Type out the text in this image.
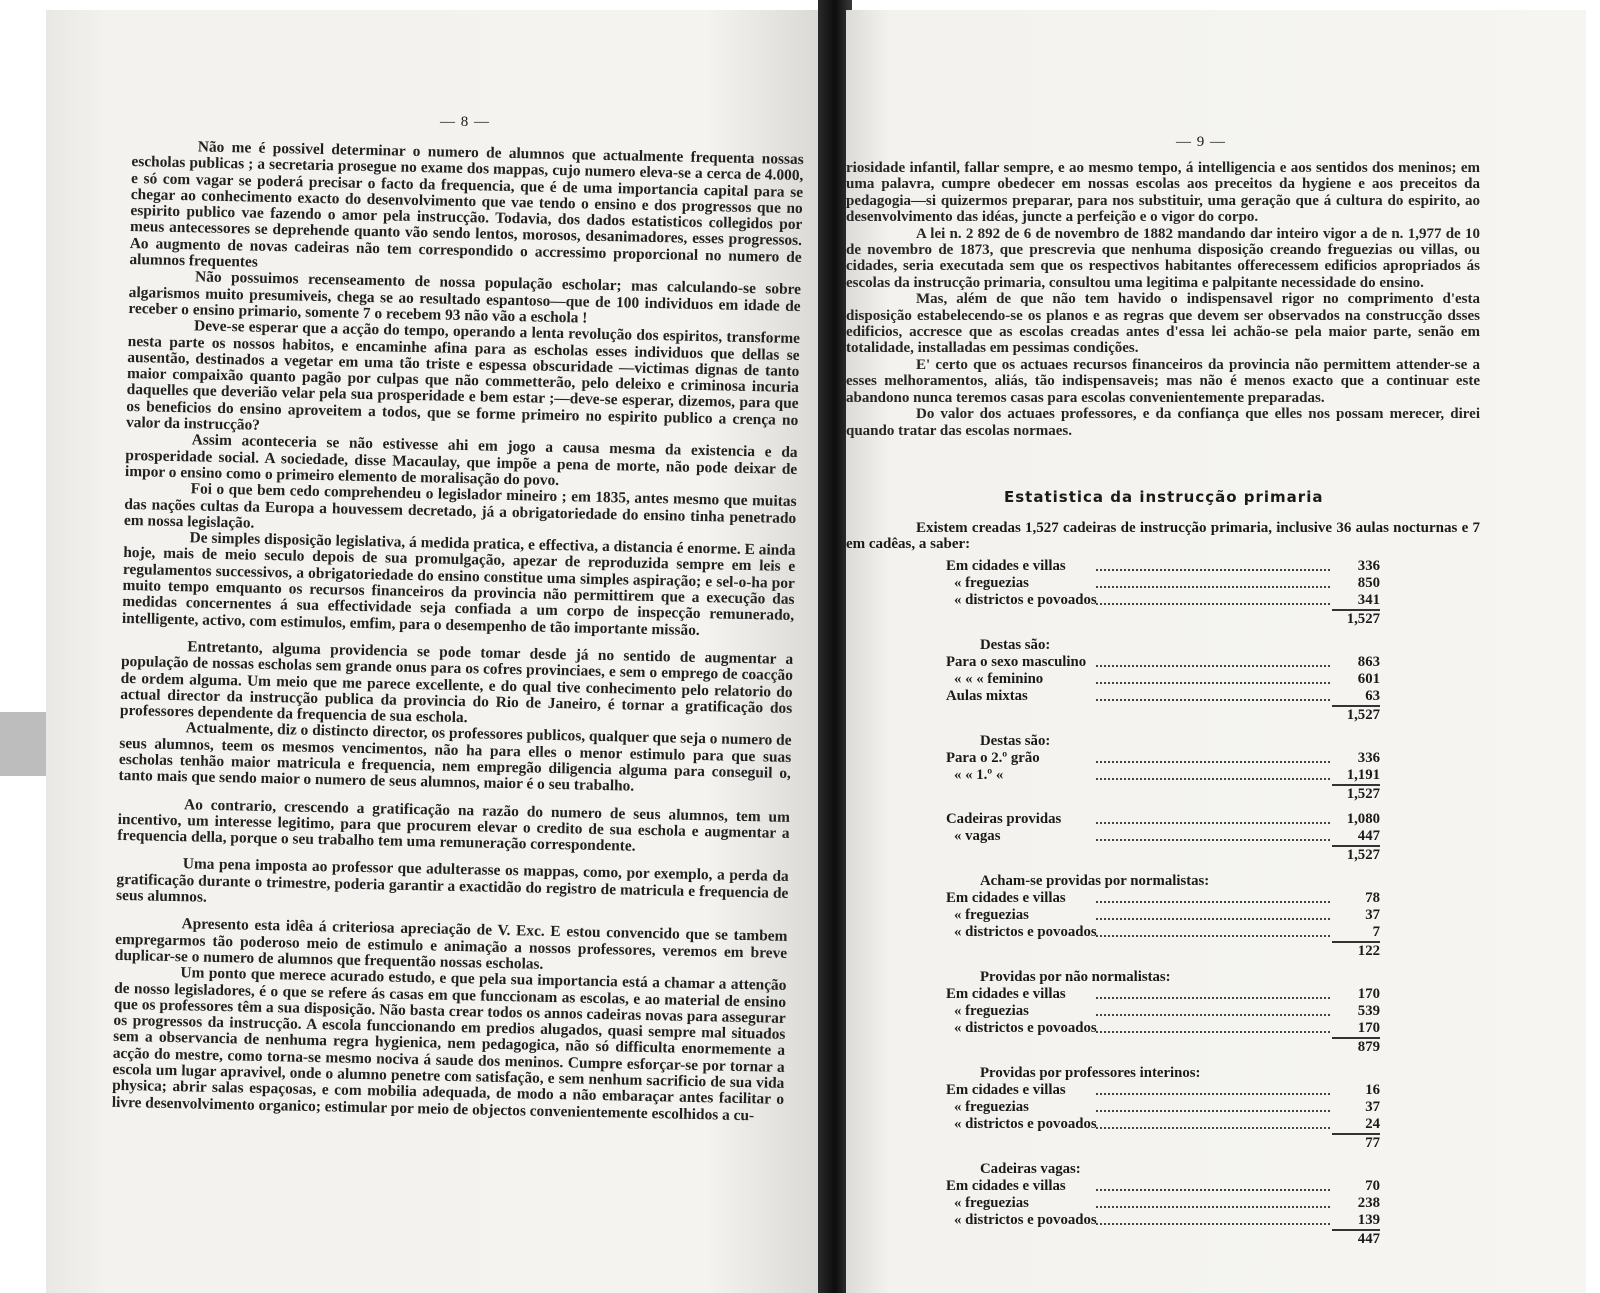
— 8 —

Não me é possivel determinar o numero de alumnos que actualmente frequenta nossas escholas publicas ; a secretaria prosegue no exame dos mappas, cujo numero eleva-se a cerca de 4.000, e só com vagar se poderá precisar o facto da frequencia, que é de uma importancia capital para se chegar ao conhecimento exacto do desenvolvimento que vae tendo o ensino e dos progressos que no espirito publico vae fazendo o amor pela instrucção. Todavia, dos dados estatisticos collegidos por meus antecessores se deprehende quanto vão sendo lentos, morosos, desanimadores, esses progressos. Ao augmento de novas cadeiras não tem correspondido o accressimo proporcional no numero de alumnos frequentes

Não possuimos recenseamento de nossa população escholar; mas calculando-se sobre algarismos muito presumiveis, chega se ao resultado espantoso—que de 100 individuos em idade de receber o ensino primario, somente 7 o recebem 93 não vão a eschola !

Deve-se esperar que a acção do tempo, operando a lenta revolução dos espiritos, transforme nesta parte os nossos habitos, e encaminhe afina para as escholas esses individuos que dellas se ausentão, destinados a vegetar em uma tão triste e espessa obscuridade —victimas dignas de tanto maior compaixão quanto pagão por culpas que não commetterão, pelo deleixo e criminosa incuria daquelles que deverião velar pela sua prosperidade e bem estar ;—deve-se esperar, dizemos, para que os beneficios do ensino aproveitem a todos, que se forme primeiro no espirito publico a crença no valor da instrucção?

Assim aconteceria se não estivesse ahi em jogo a causa mesma da existencia e da prosperidade social. A sociedade, disse Macaulay, que impõe a pena de morte, não pode deixar de impor o ensino como o primeiro elemento de moralisação do povo.

Foi o que bem cedo comprehendeu o legislador mineiro ; em 1835, antes mesmo que muitas das nações cultas da Europa a houvessem decretado, já a obrigatoriedade do ensino tinha penetrado em nossa legislação.

De simples disposição legislativa, á medida pratica, e effectiva, a distancia é enorme. E ainda hoje, mais de meio seculo depois de sua promulgação, apezar de reproduzida sempre em leis e regulamentos successivos, a obrigatoriedade do ensino constitue uma simples aspiração; e sel-o-ha por muito tempo emquanto os recursos financeiros da provincia não permittirem que a execução das medidas concernentes á sua effectividade seja confiada a um corpo de inspecção remunerado, intelligente, activo, com estimulos, emfim, para o desempenho de tão importante missão.

Entretanto, alguma providencia se pode tomar desde já no sentido de augmentar a população de nossas escholas sem grande onus para os cofres provinciaes, e sem o emprego de coacção de ordem alguma. Um meio que me parece excellente, e do qual tive conhecimento pelo relatorio do actual director da instrucção publica da provincia do Rio de Janeiro, é tornar a gratificação dos professores dependente da frequencia de sua eschola.

Actualmente, diz o distincto director, os professores publicos, qualquer que seja o numero de seus alumnos, teem os mesmos vencimentos, não ha para elles o menor estimulo para que suas escholas tenhão maior matricula e frequencia, nem empregão diligencia alguma para conseguil o, tanto mais que sendo maior o numero de seus alumnos, maior é o seu trabalho.

Ao contrario, crescendo a gratificação na razão do numero de seus alumnos, tem um incentivo, um interesse legitimo, para que procurem elevar o credito de sua eschola e augmentar a frequencia della, porque o seu trabalho tem uma remuneração correspondente.

Uma pena imposta ao professor que adulterasse os mappas, como, por exemplo, a perda da gratificação durante o trimestre, poderia garantir a exactidão do registro de matricula e frequencia de seus alumnos.

Apresento esta idêa á criteriosa apreciação de V. Exc. E estou convencido que se tambem empregarmos tão poderoso meio de estimulo e animação a nossos professores, veremos em breve duplicar-se o numero de alumnos que frequentão nossas escholas.

Um ponto que merece acurado estudo, e que pela sua importancia está a chamar a attenção de nosso legisladores, é o que se refere ás casas em que funccionam as escolas, e ao material de ensino que os professores têm a sua disposição. Não basta crear todos os annos cadeiras novas para assegurar os progressos da instrucção. A escola funccionando em predios alugados, quasi sempre mal situados sem a observancia de nenhuma regra hygienica, nem pedagogica, não só difficulta enormemente a acção do mestre, como torna-se mesmo nociva á saude dos meninos. Cumpre esforçar-se por tornar a escola um lugar apravivel, onde o alumno penetre com satisfação, e sem nenhum sacrificio de sua vida physica; abrir salas espaçosas, e com mobilia adequada, de modo a não embaraçar antes facilitar o livre desenvolvimento organico; estimular por meio de objectos convenientemente escolhidos a cu-

— 9 —

riosidade infantil, fallar sempre, e ao mesmo tempo, á intelligencia e aos sentidos dos meninos; em uma palavra, cumpre obedecer em nossas escolas aos preceitos da hygiene e aos preceitos da pedagogia—si quizermos preparar, para nos substituir, uma geração que á cultura do espirito, ao desenvolvimento das idéas, juncte a perfeição e o vigor do corpo.

A lei n. 2 892 de 6 de novembro de 1882 mandando dar inteiro vigor a de n. 1,977 de 10 de novembro de 1873, que prescrevia que nenhuma disposição creando freguezias ou villas, ou cidades, seria executada sem que os respectivos habitantes offerecessem edificios apropriados ás escolas da instrucção primaria, consultou uma legitima e palpitante necessidade do ensino.

Mas, além de que não tem havido o indispensavel rigor no comprimento d'esta disposição estabelecendo-se os planos e as regras que devem ser observados na construcção dsses edificios, accresce que as escolas creadas antes d'essa lei achão-se pela maior parte, senão em totalidade, installadas em pessimas condições.

E' certo que os actuaes recursos financeiros da provincia não permittem attender-se a esses melhoramentos, aliás, tão indispensaveis; mas não é menos exacto que a continuar este abandono nunca teremos casas para escolas convenientemente preparadas.

Do valor dos actuaes professores, e da confiança que elles nos possam merecer, direi quando tratar das escolas normaes.

Estatistica da instrucção primaria

Existem creadas 1,527 cadeiras de instrucção primaria, inclusive 36 aulas nocturnas e 7 em cadêas, a saber:

Em cidades e villas	336
« freguezias	850
« districtos e povoados	341
1,527
Destas são:
Para o sexo masculino	863
« « « feminino	601
Aulas mixtas	63
1,527
Destas são:
Para o 2.º grão	336
« « 1.º «	1,191
1,527
Cadeiras providas	1,080
« vagas	447
1,527
Acham-se providas por normalistas:
Em cidades e villas	78
« freguezias	37
« districtos e povoados	7
122
Providas por não normalistas:
Em cidades e villas	170
« freguezias	539
« districtos e povoados	170
879
Providas por professores interinos:
Em cidades e villas	16
« freguezias	37
« districtos e povoados	24
77
Cadeiras vagas:
Em cidades e villas	70
« freguezias	238
« districtos e povoados	139
447
